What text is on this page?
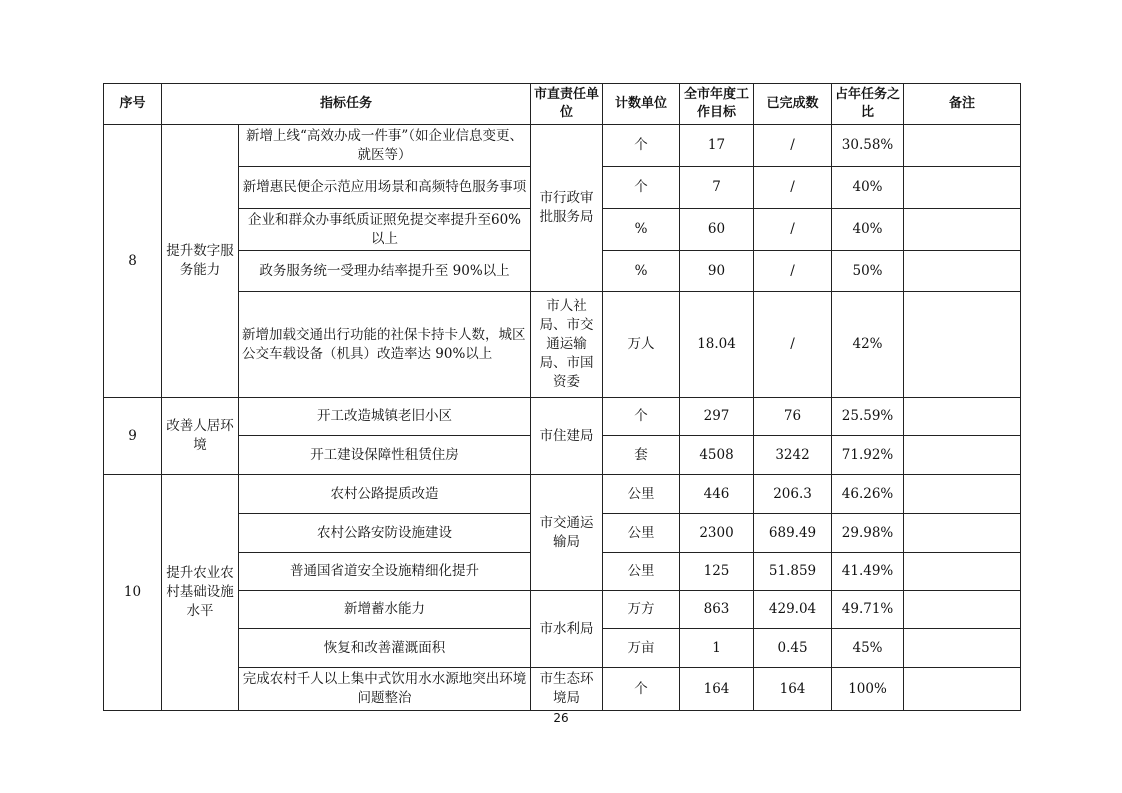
序号	指标任务		市直责任单位	计数单位	全市年度工作目标	已完成数	占年任务之比	备注
8	提升数字服务能力	新增上线“高效办成一件事”（如企业信息变更、就医等）	市行政审批服务局	个	17	/	30.58%	
		新增惠民便企示范应用场景和高频特色服务事项		个	7	/	40%	
		企业和群众办事纸质证照免提交率提升至60%以上		%	60	/	40%	
		政务服务统一受理办结率提升至 90%以上		%	90	/	50%	
		新增加载交通出行功能的社保卡持卡人数，城区公交车载设备（机具）改造率达 90%以上	市人社局、市交通运输局、市国资委	万人	18.04	/	42%	
9	改善人居环境	开工改造城镇老旧小区	市住建局	个	297	76	25.59%	
		开工建设保障性租赁住房		套	4508	3242	71.92%	
10	提升农业农村基础设施水平	农村公路提质改造	市交通运输局	公里	446	206.3	46.26%	
		农村公路安防设施建设		公里	2300	689.49	29.98%	
		普通国省道安全设施精细化提升		公里	125	51.859	41.49%	
		新增蓄水能力	市水利局	万方	863	429.04	49.71%	
		恢复和改善灌溉面积		万亩	1	0.45	45%	
		完成农村千人以上集中式饮用水水源地突出环境问题整治	市生态环境局	个	164	164	100%	
26
